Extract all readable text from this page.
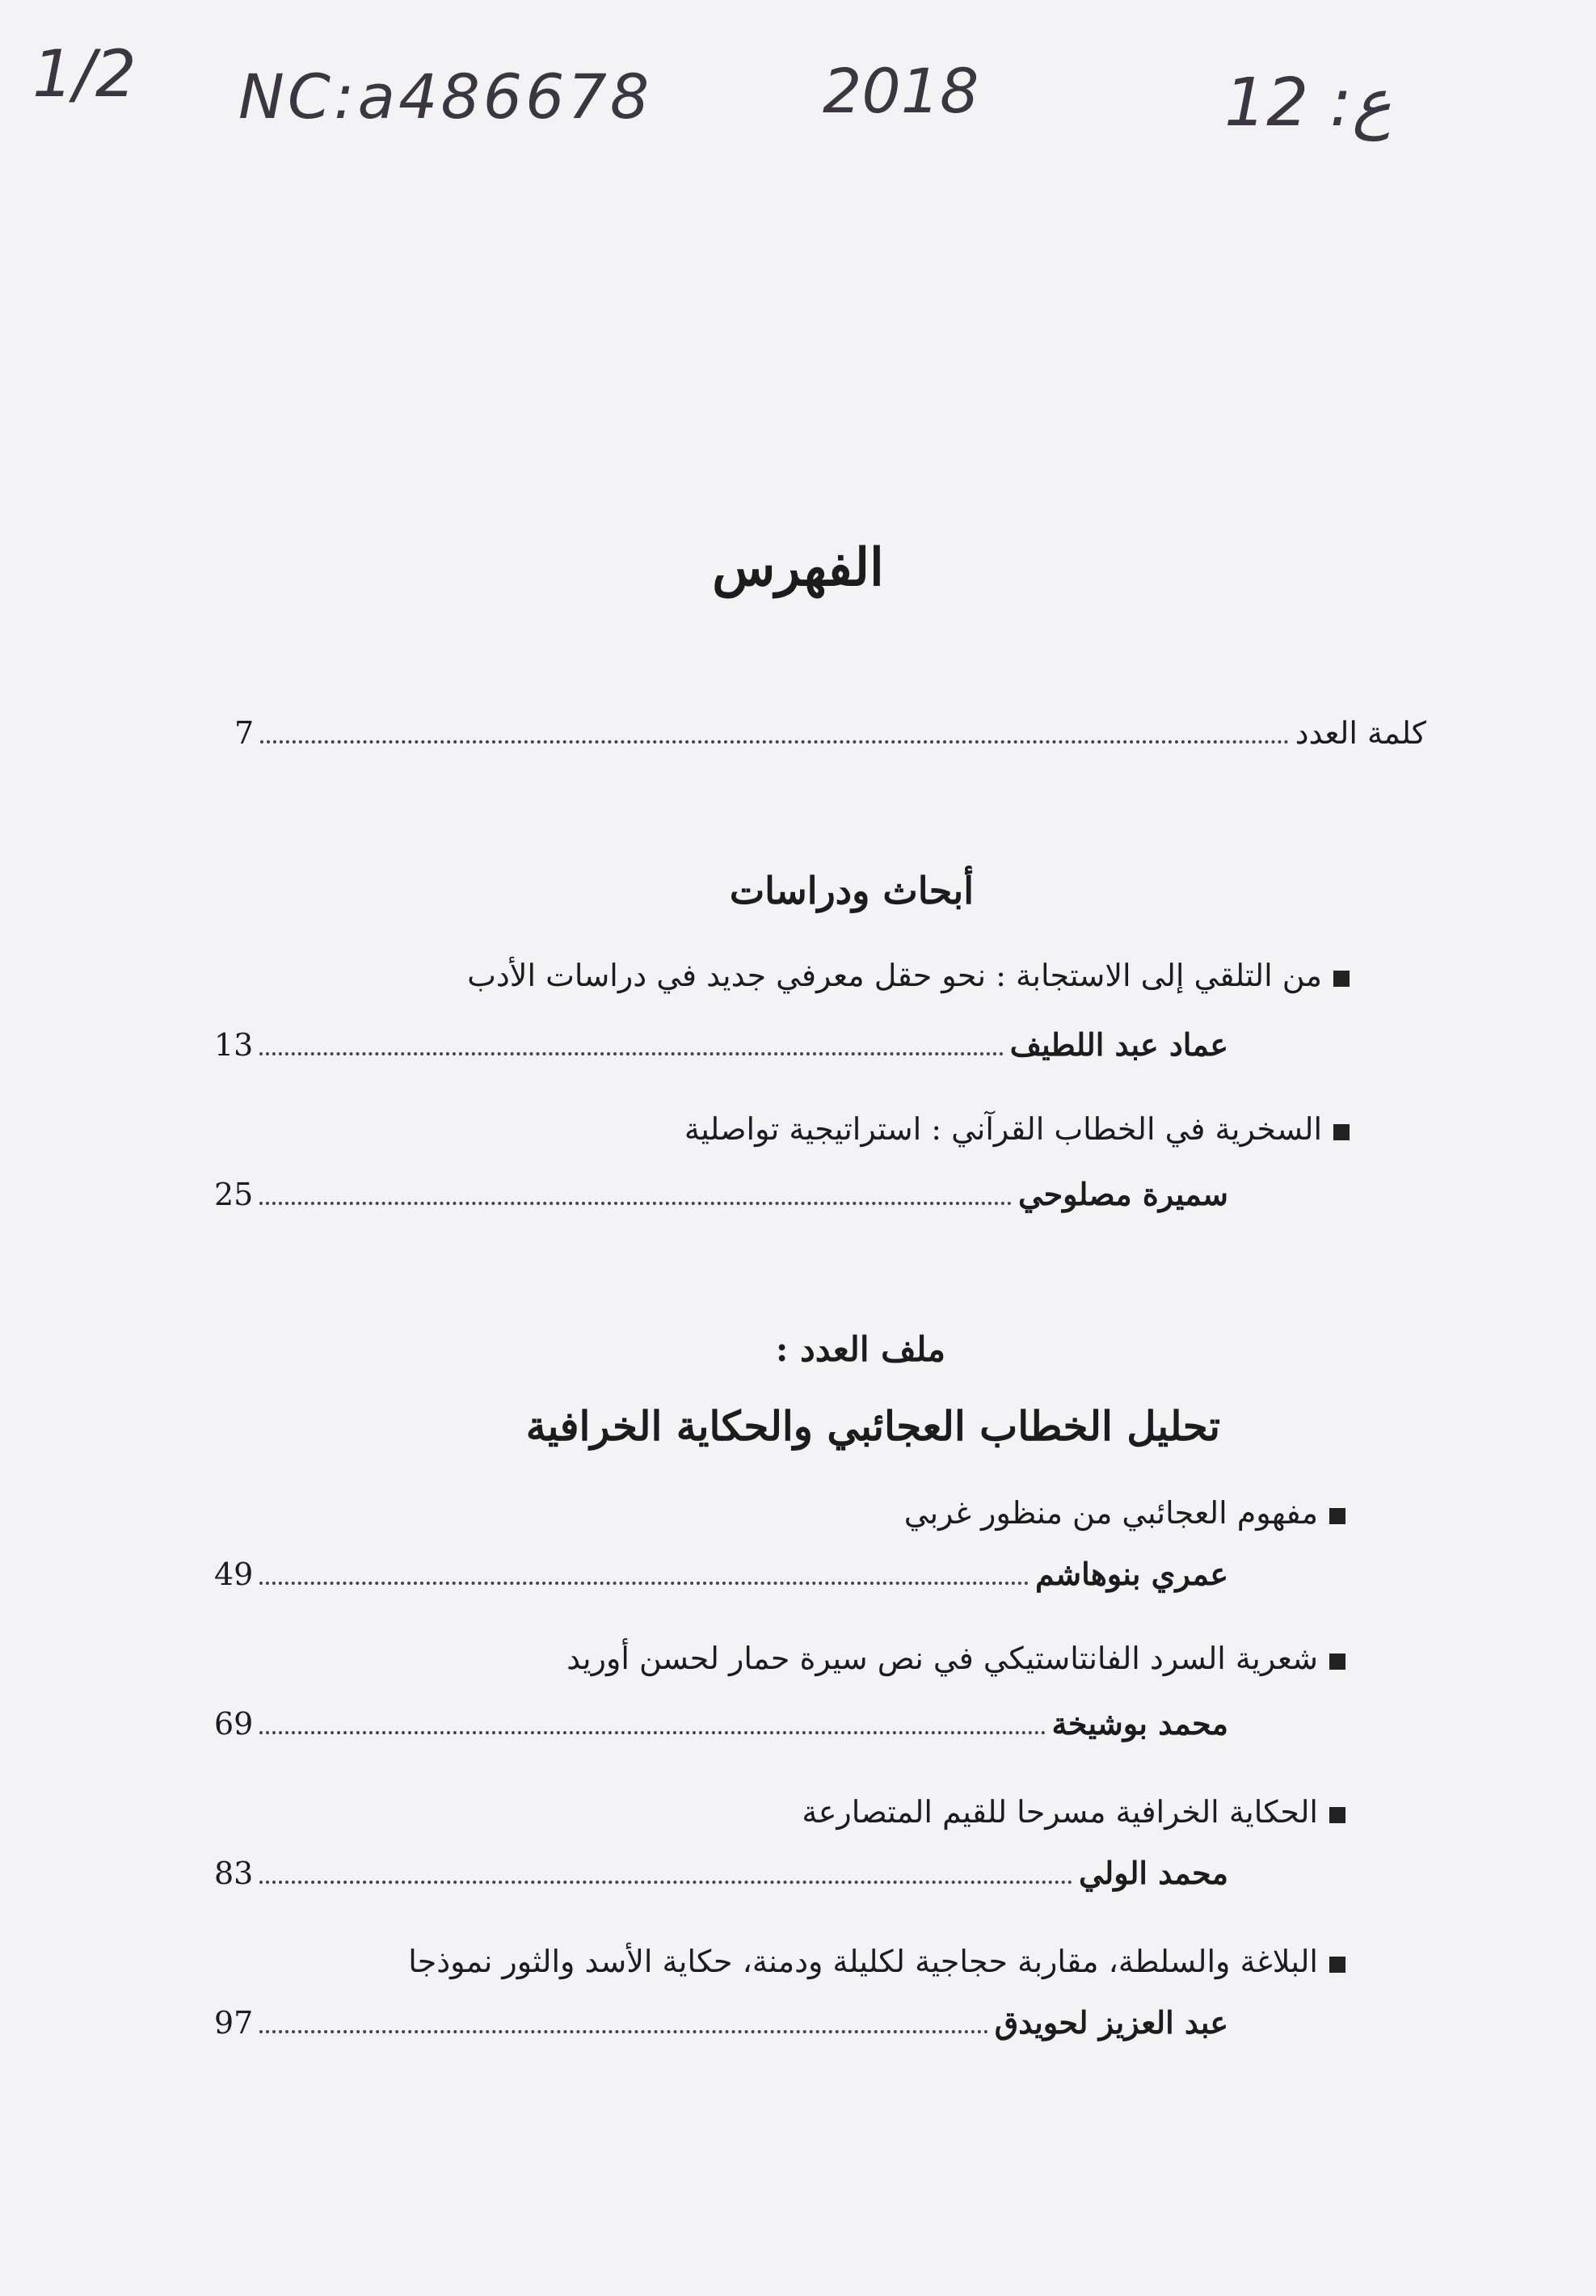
1/2 NC:a486678	2018	ع: 12
الفهرس
كلمة العدد
7
أبحاث ودراسات
من التلقي إلى الاستجابة : نحو حقل معرفي جديد في دراسات الأدب
عماد عبد اللطيف
13
السخرية في الخطاب القرآني : استراتيجية تواصلية
سميرة مصلوحي
25
ملف العدد :
تحليل الخطاب العجائبي والحكاية الخرافية
مفهوم العجائبي من منظور غربي
عمري بنوهاشم
49
شعرية السرد الفانتاستيكي في نص سيرة حمار لحسن أوريد
محمد بوشيخة
69
الحكاية الخرافية مسرحا للقيم المتصارعة
محمد الولي
83
البلاغة والسلطة، مقاربة حجاجية لكليلة ودمنة، حكاية الأسد والثور نموذجا
عبد العزيز لحويدق
97
